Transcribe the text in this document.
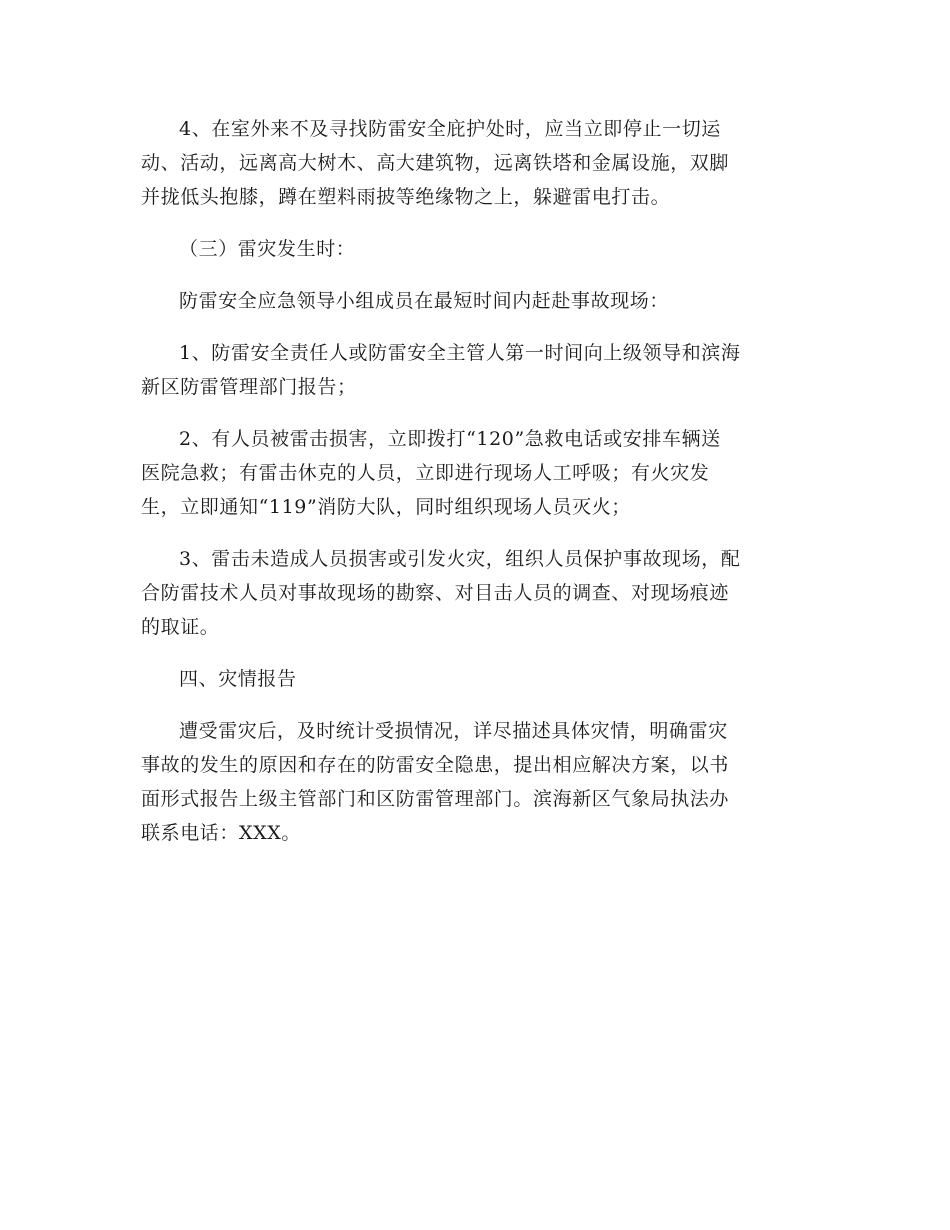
4、在室外来不及寻找防雷安全庇护处时，应当立即停止一切运
动、活动，远离高大树木、高大建筑物，远离铁塔和金属设施，双脚
并拢低头抱膝，蹲在塑料雨披等绝缘物之上，躲避雷电打击。
（三）雷灾发生时：
防雷安全应急领导小组成员在最短时间内赶赴事故现场：
1、防雷安全责任人或防雷安全主管人第一时间向上级领导和滨海
新区防雷管理部门报告；
2、有人员被雷击损害，立即拨打“120”急救电话或安排车辆送
医院急救；有雷击休克的人员，立即进行现场人工呼吸；有火灾发
生，立即通知“119”消防大队，同时组织现场人员灭火；
3、雷击未造成人员损害或引发火灾，组织人员保护事故现场，配
合防雷技术人员对事故现场的勘察、对目击人员的调查、对现场痕迹
的取证。
四、灾情报告
遭受雷灾后，及时统计受损情况，详尽描述具体灾情，明确雷灾
事故的发生的原因和存在的防雷安全隐患，提出相应解决方案，以书
面形式报告上级主管部门和区防雷管理部门。滨海新区气象局执法办
联系电话：XXX。
